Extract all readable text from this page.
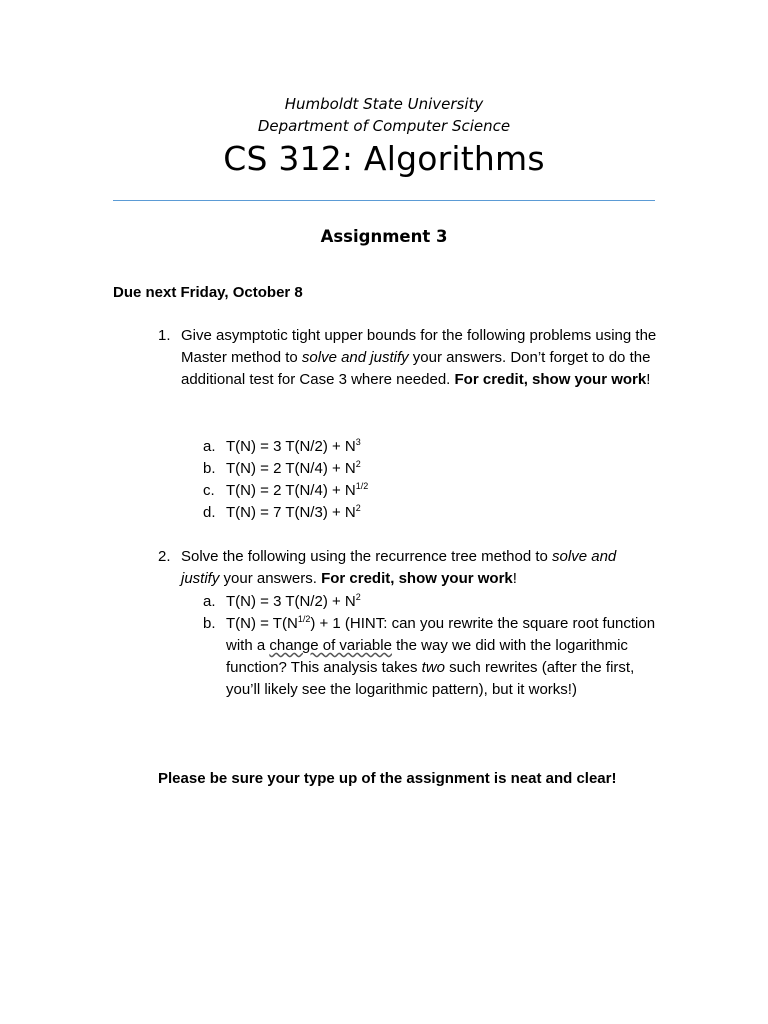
Humboldt State University
Department of Computer Science
CS 312: Algorithms
Assignment 3
Due next Friday, October 8
1. Give asymptotic tight upper bounds for the following problems using the Master method to solve and justify your answers. Don’t forget to do the additional test for Case 3 where needed. For credit, show your work!
a. T(N) = 3 $T(N/2) + N^3$
b. T(N) = 2 $T(N/4) + N^2$
c. T(N) = 2 $T(N/4) + N^{1/2}$
d. T(N) = 7 $T(N/3) + N^2$
2. Solve the following using the recurrence tree method to solve and justify your answers. For credit, show your work!
a. T(N) = 3 $T(N/2) + N^2$
b. $T(N) = T(N^{1/2}) + 1$ (HINT: can you rewrite the square root function with a change of variable the way we did with the logarithmic function? This analysis takes two such rewrites (after the first, you’ll likely see the logarithmic pattern), but it works!)
Please be sure your type up of the assignment is neat and clear!
